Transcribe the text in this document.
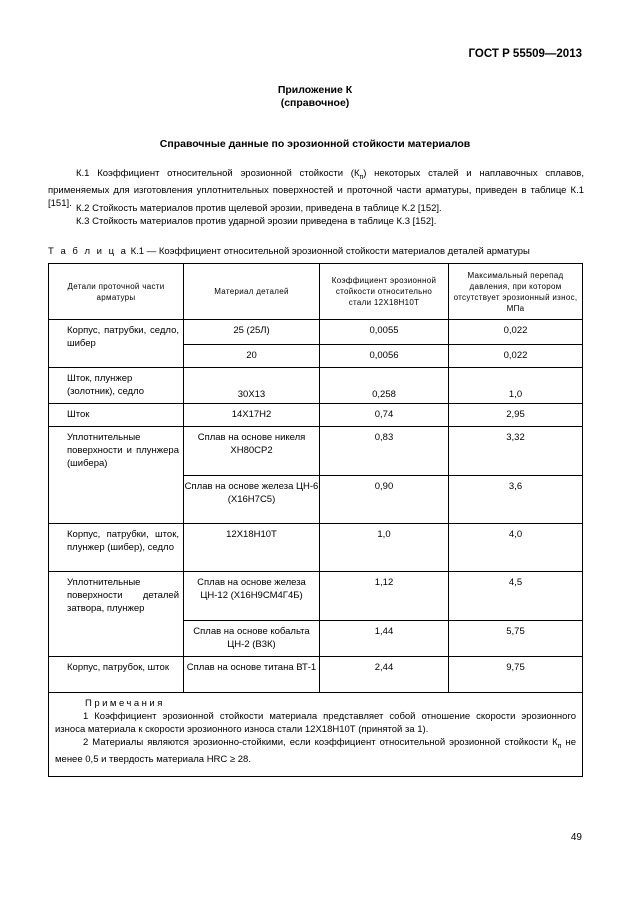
ГОСТ Р 55509—2013
Приложение К
(справочное)
Справочные данные по эрозионной стойкости материалов
К.1 Коэффициент относительной эрозионной стойкости $(К_п)$ некоторых сталей и наплавочных сплавов, применяемых для изготовления уплотнительных поверхностей и проточной части арматуры, приведен в таблице К.1 [151]. К.2 Стойкость материалов против щелевой эрозии, приведена в таблице К.2 [152].
К.3 Стойкость материалов против ударной эрозии приведена в таблице К.3 [152].
Т а б л и ц а К.1 — Коэффициент относительной эрозионной стойкости материалов деталей арматуры
Детали проточной части арматуры	Материал деталей	Коэффициент эрозионной стойкости относительно стали 12Х18Н10Т	Максимальный перепад давления, при котором отсутствует эрозионный износ, МПа
Корпус, патрубки, седло, шибер	25 (25Л)	0,0055	0,022
	20	0,0056	0,022
Шток, плунжер (золотник), седло	30Х13	0,258	1,0
Шток	14Х17Н2	0,74	2,95
Уплотнительные поверхности и плунжера (шибера)	Сплав на основе никеля ХН80СР2	0,83	3,32
	Сплав на основе железа ЦН-6 (Х16Н7С5)	0,90	3,6
Корпус, патрубки, шток, плунжер (шибер), седло	12Х18Н10Т	1,0	4,0
Уплотнительные поверхности деталей затвора, плунжер	Сплав на основе железа ЦН-12 (Х16Н9СМ4Г4Б)	1,12	4,5
	Сплав на основе кобальта ЦН-2 (В3К)	1,44	5,75
Корпус, патрубок, шток	Сплав на основе титана ВТ-1	2,44	9,75

Примечания
1 Коэффициент эрозионной стойкости материала представляет собой отношение скорости эрозионного износа материала к скорости эрозионного износа стали 12Х18Н10Т (принятой за 1).
2 Материалы являются эрозионно-стойкими, если коэффициент относительной эрозионной стойкости $К_п$ не менее 0,5 и твердость материала HRC ≥ 28.			
49
